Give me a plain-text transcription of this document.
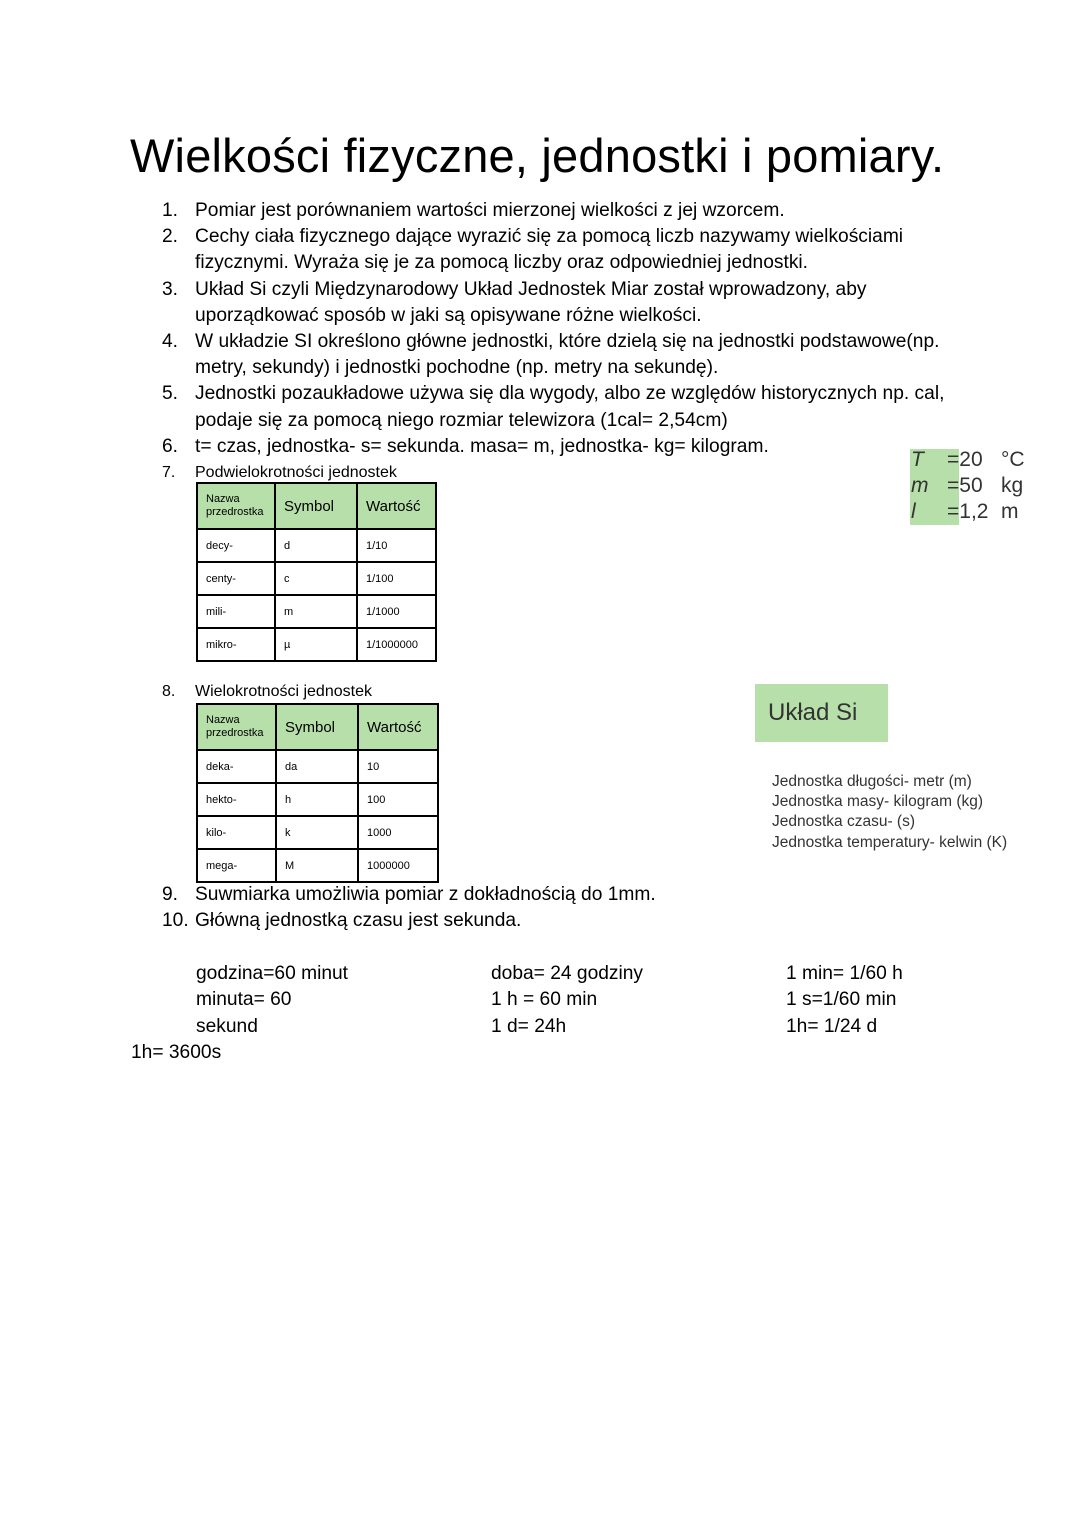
Wielkości fizyczne, jednostki i pomiary.
1. Pomiar jest porównaniem wartości mierzonej wielkości z jej wzorcem.
2. Cechy ciała fizycznego dające wyrazić się za pomocą liczb nazywamy wielkościami fizycznymi. Wyraża się je za pomocą liczby oraz odpowiedniej jednostki.
3. Układ Si czyli Międzynarodowy Układ Jednostek Miar został wprowadzony, aby uporządkować sposób w jaki są opisywane różne wielkości.
4. W układzie SI określono główne jednostki, które dzielą się na jednostki podstawowe(np. metry, sekundy) i jednostki pochodne (np. metry na sekundę).
5. Jednostki pozaukładowe używa się dla wygody, albo ze względów historycznych np. cal, podaje się za pomocą niego rozmiar telewizora (1cal= 2,54cm)
6. t= czas, jednostka- s= sekunda. masa= m, jednostka- kg= kilogram.
7. Podwielokrotności jednostek
T =20 °C
m =50 kg
l =1,2 m
Nazwa przedrostka	Symbol	Wartość
decy-	d	1/10
centy-	c	1/100
mili-	m	1/1000
mikro-	µ	1/1000000
8. Wielokrotności jednostek
Nazwa przedrostka	Symbol	Wartość
deka-	da	10
hekto-	h	100
kilo-	k	1000
mega-	M	1000000
Układ Si
Jednostka długości- metr (m)
Jednostka masy- kilogram (kg)
Jednostka czasu- (s)
Jednostka temperatury- kelwin (K)
9. Suwmiarka umożliwia pomiar z dokładnością do 1mm.
10. Główną jednostką czasu jest sekunda.
godzina=60 minut
minuta= 60
sekund
doba= 24 godziny
1 h = 60 min
1 d= 24h
1 min= 1/60 h
1 s=1/60 min
1h= 1/24 d
1h= 3600s
